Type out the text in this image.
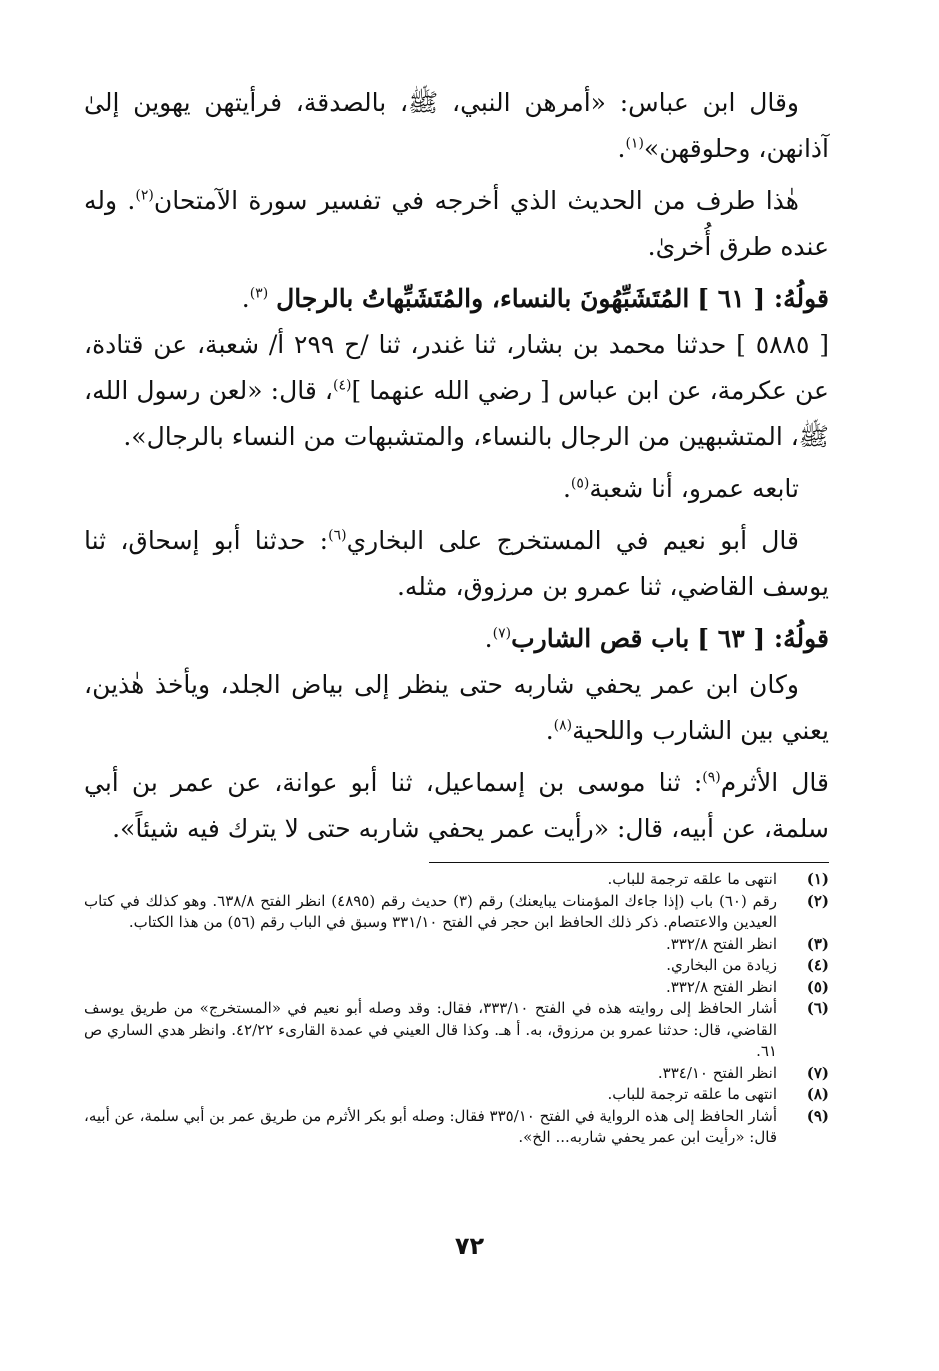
وقال ابن عباس: «أمرهن النبي، ﷺ، بالصدقة، فرأيتهن يهوين إلىٰ آذانهن، وحلوقهن»$^{(١)}$.

هٰذا طرف من الحديث الذي أخرجه في تفسير سورة الآمتحان$^{(٢)}$. وله عنده طرق أُخرىٰ.

قولُهُ: [ ٦١ ] المُتَشَبِّهُونَ بالنساء، والمُتَشَبِّهاتُ بالرجال $^{(٣)}$.

[ ٥٨٨٥ ] حدثنا محمد بن بشار، ثنا غندر، ثنا /ح ٢٩٩ أ/ شعبة، عن قتادة، عن عكرمة، عن ابن عباس [ رضي الله عنهما ]$^{(٤)}$، قال: «لعن رسول الله، ﷺ، المتشبهين من الرجال بالنساء، والمتشبهات من النساء بالرجال».

تابعه عمرو، أنا شعبة$^{(٥)}$.

قال أبو نعيم في المستخرج على البخاري$^{(٦)}$: حدثنا أبو إسحاق، ثنا يوسف القاضي، ثنا عمرو بن مرزوق، مثله.

قولُهُ: [ ٦٣ ] باب قص الشارب$^{(٧)}$.

وكان ابن عمر يحفي شاربه حتى ينظر إلى بياض الجلد، ويأخذ هٰذين، يعني بين الشارب واللحية$^{(٨)}$.

قال الأثرم$^{(٩)}$: ثنا موسى بن إسماعيل، ثنا أبو عوانة، عن عمر بن أبي سلمة، عن أبيه، قال: «رأيت عمر يحفي شاربه حتى لا يترك فيه شيئاً».

(١)
انتهى ما علقه ترجمة للباب.
(٢)
رقم (٦٠) باب (إذا جاءك المؤمنات يبايعنك) رقم (٣) حديث رقم (٤٨٩٥) انظر الفتح ٦٣٨/٨. وهو كذلك في كتاب العيدين والاعتصام. ذكر ذلك الحافظ ابن حجر في الفتح ٣٣١/١٠ وسبق في الباب رقم (٥٦) من هذا الكتاب.
(٣)
انظر الفتح ٣٣٢/٨.
(٤)
زيادة من البخاري.
(٥)
انظر الفتح ٣٣٢/٨.
(٦)
أشار الحافظ إلى روايته هذه في الفتح ٣٣٣/١٠، فقال: وقد وصله أبو نعيم في «المستخرج» من طريق يوسف القاضي، قال: حدثنا عمرو بن مرزوق، به. أ هـ. وكذا قال العيني في عمدة القارىء ٤٢/٢٢. وانظر هدي الساري ص ٦١.
(٧)
انظر الفتح ٣٣٤/١٠.
(٨)
انتهى ما علقه ترجمة للباب.
(٩)
أشار الحافظ إلى هذه الرواية في الفتح ٣٣٥/١٠ فقال: وصله أبو بكر الأثرم من طريق عمر بن أبي سلمة، عن أبيه، قال: «رأيت ابن عمر يحفي شاربه... الخ».
٧٢
